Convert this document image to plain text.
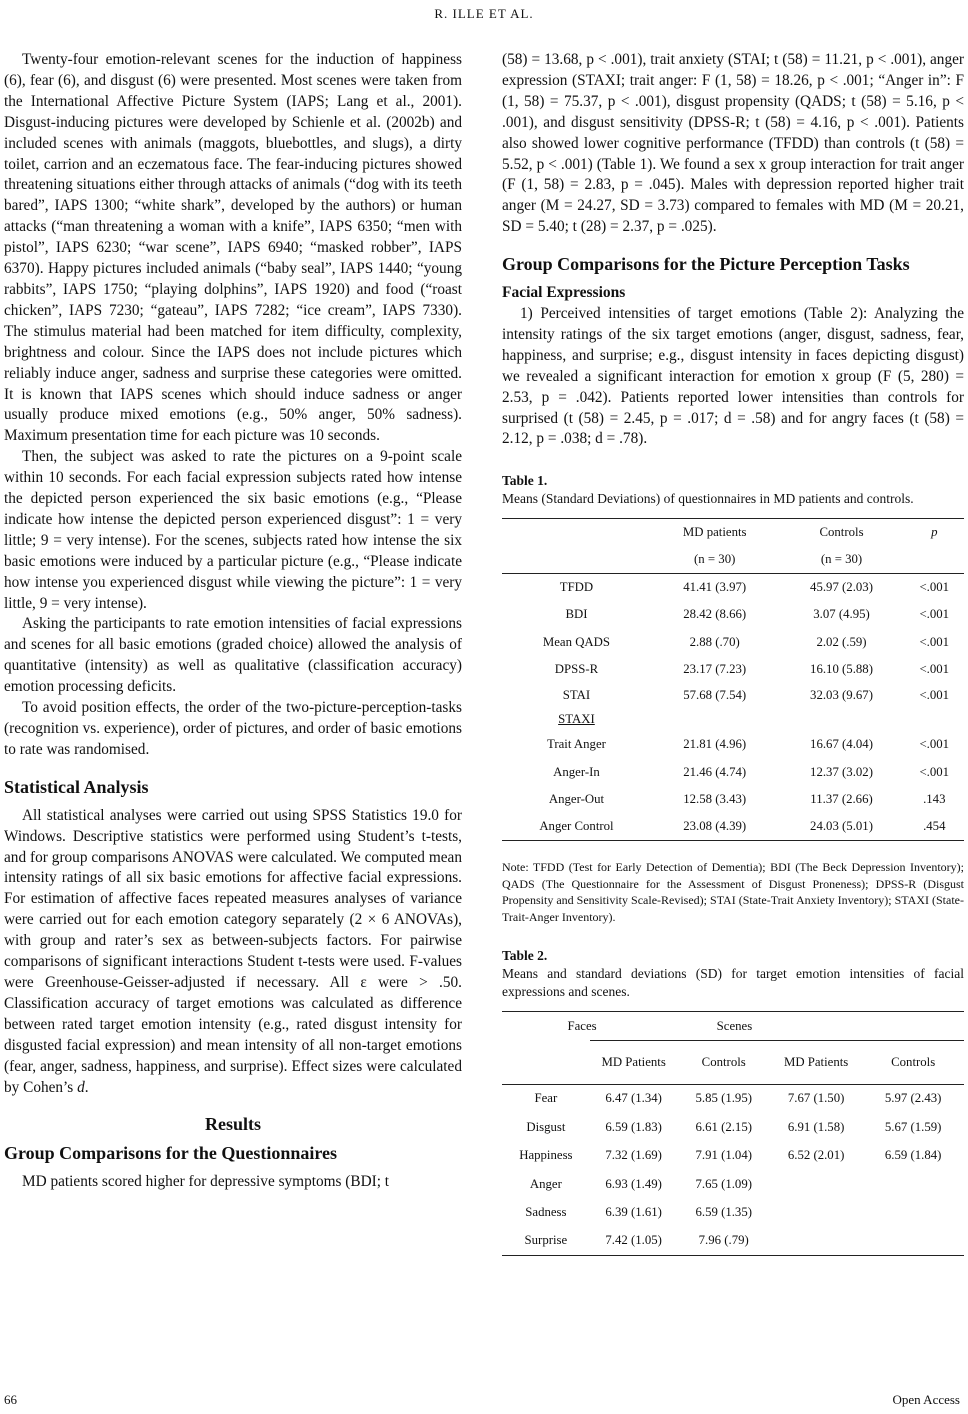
R. ILLE ET AL.

Twenty-four emotion-relevant scenes for the induction of happiness (6), fear (6), and disgust (6) were presented. Most scenes were taken from the International Affective Picture System (IAPS; Lang et al., 2001). Disgust-inducing pictures were developed by Schienle et al. (2002b) and included scenes with animals (maggots, bluebottles, and slugs), a dirty toilet, carrion and an eczematous face. The fear-inducing pictures showed threatening situations either through attacks of animals (“dog with its teeth bared”, IAPS 1300; “white shark”, developed by the authors) or human attacks (“man threatening a woman with a knife”, IAPS 6350; “men with pistol”, IAPS 6230; “war scene”, IAPS 6940; “masked robber”, IAPS 6370). Happy pictures included animals (“baby seal”, IAPS 1440; “young rabbits”, IAPS 1750; “playing dolphins”, IAPS 1920) and food (“roast chicken”, IAPS 7230; “gateau”, IAPS 7282; “ice cream”, IAPS 7330). The stimulus material had been matched for item difficulty, complexity, brightness and colour. Since the IAPS does not include pictures which reliably induce anger, sadness and surprise these categories were omitted. It is known that IAPS scenes which should induce sadness or anger usually produce mixed emotions (e.g., 50% anger, 50% sadness). Maximum presentation time for each picture was 10 seconds.

Then, the subject was asked to rate the pictures on a 9-point scale within 10 seconds. For each facial expression subjects rated how intense the depicted person experienced the six basic emotions (e.g., “Please indicate how intense the depicted person experienced disgust”: 1 = very little; 9 = very intense). For the scenes, subjects rated how intense the six basic emotions were induced by a particular picture (e.g., “Please indicate how intense you experienced disgust while viewing the picture”: 1 = very little, 9 = very intense).

Asking the participants to rate emotion intensities of facial expressions and scenes for all basic emotions (graded choice) allowed the analysis of quantitative (intensity) as well as qualitative (classification accuracy) emotion processing deficits.

To avoid position effects, the order of the two-picture-perception-tasks (recognition vs. experience), order of pictures, and order of basic emotions to rate was randomised.

Statistical Analysis

All statistical analyses were carried out using SPSS Statistics 19.0 for Windows. Descriptive statistics were performed using Student’s t-tests, and for group comparisons ANOVAS were calculated. We computed mean intensity ratings of all six basic emotions for affective facial expressions. For estimation of affective faces repeated measures analyses of variance were carried out for each emotion category separately (2 × 6 ANOVAs), with group and rater’s sex as between-subjects factors. For pairwise comparisons of significant interactions Student t-tests were used. F-values were Greenhouse-Geisser-adjusted if necessary. All ε were > .50. Classification accuracy of target emotions was calculated as difference between rated target emotion intensity (e.g., rated disgust intensity for disgusted facial expression) and mean intensity of all non-target emotions (fear, anger, sadness, happiness, and surprise). Effect sizes were calculated by Cohen’s d.

Results
Group Comparisons for the Questionnaires

MD patients scored higher for depressive symptoms (BDI; t

(58) = 13.68, p < .001), trait anxiety (STAI; t (58) = 11.21, p < .001), anger expression (STAXI; trait anger: F (1, 58) = 18.26, p < .001; “Anger in”: F (1, 58) = 75.37, p < .001), disgust propensity (QADS; t (58) = 5.16, p < .001), and disgust sensitivity (DPSS-R; t (58) = 4.16, p < .001). Patients also showed lower cognitive performance (TFDD) than controls (t (58) = 5.52, p < .001) (Table 1). We found a sex x group interaction for trait anger (F (1, 58) = 2.83, p = .045). Males with depression reported higher trait anger (M = 24.27, SD = 3.73) compared to females with MD (M = 20.21, SD = 5.40; t (28) = 2.37, p = .025).

Group Comparisons for the Picture Perception Tasks
Facial Expressions

1) Perceived intensities of target emotions (Table 2): Analyzing the intensity ratings of the six target emotions (anger, disgust, sadness, fear, happiness, and surprise; e.g., disgust intensity in faces depicting disgust) we revealed a significant interaction for emotion x group (F (5, 280) = 2.53, p = .042). Patients reported lower intensities than controls for surprised (t (58) = 2.45, p = .017; d = .58) and for angry faces (t (58) = 2.12, p = .038; d = .78).

Table 1.
Means (Standard Deviations) of questionnaires in MD patients and controls.
	MD patients	Controls	p
	(n = 30)	(n = 30)	
TFDD	41.41 (3.97)	45.97 (2.03)	<.001
BDI	28.42 (8.66)	3.07 (4.95)	<.001
Mean QADS	2.88 (.70)	2.02 (.59)	<.001
DPSS-R	23.17 (7.23)	16.10 (5.88)	<.001
STAI	57.68 (7.54)	32.03 (9.67)	<.001
STAXI			
Trait Anger	21.81 (4.96)	16.67 (4.04)	<.001
Anger-In	21.46 (4.74)	12.37 (3.02)	<.001
Anger-Out	12.58 (3.43)	11.37 (2.66)	.143
Anger Control	23.08 (4.39)	24.03 (5.01)	.454
Note: TFDD (Test for Early Detection of Dementia); BDI (The Beck Depression Inventory); QADS (The Questionnaire for the Assessment of Disgust Proneness); DPSS-R (Disgust Propensity and Sensitivity Scale-Revised); STAI (State-Trait Anxiety Inventory); STAXI (State-Trait-Anger Inventory).
Table 2.
Means and standard deviations (SD) for target emotion intensities of facial expressions and scenes.
	Faces Scenes			
	MD Patients	Controls	MD Patients	Controls
Fear	6.47 (1.34)	5.85 (1.95)	7.67 (1.50)	5.97 (2.43)
Disgust	6.59 (1.83)	6.61 (2.15)	6.91 (1.58)	5.67 (1.59)
Happiness	7.32 (1.69)	7.91 (1.04)	6.52 (2.01)	6.59 (1.84)
Anger	6.93 (1.49)	7.65 (1.09)		
Sadness	6.39 (1.61)	6.59 (1.35)		
Surprise	7.42 (1.05)	7.96 (.79)		
66	Open Access
